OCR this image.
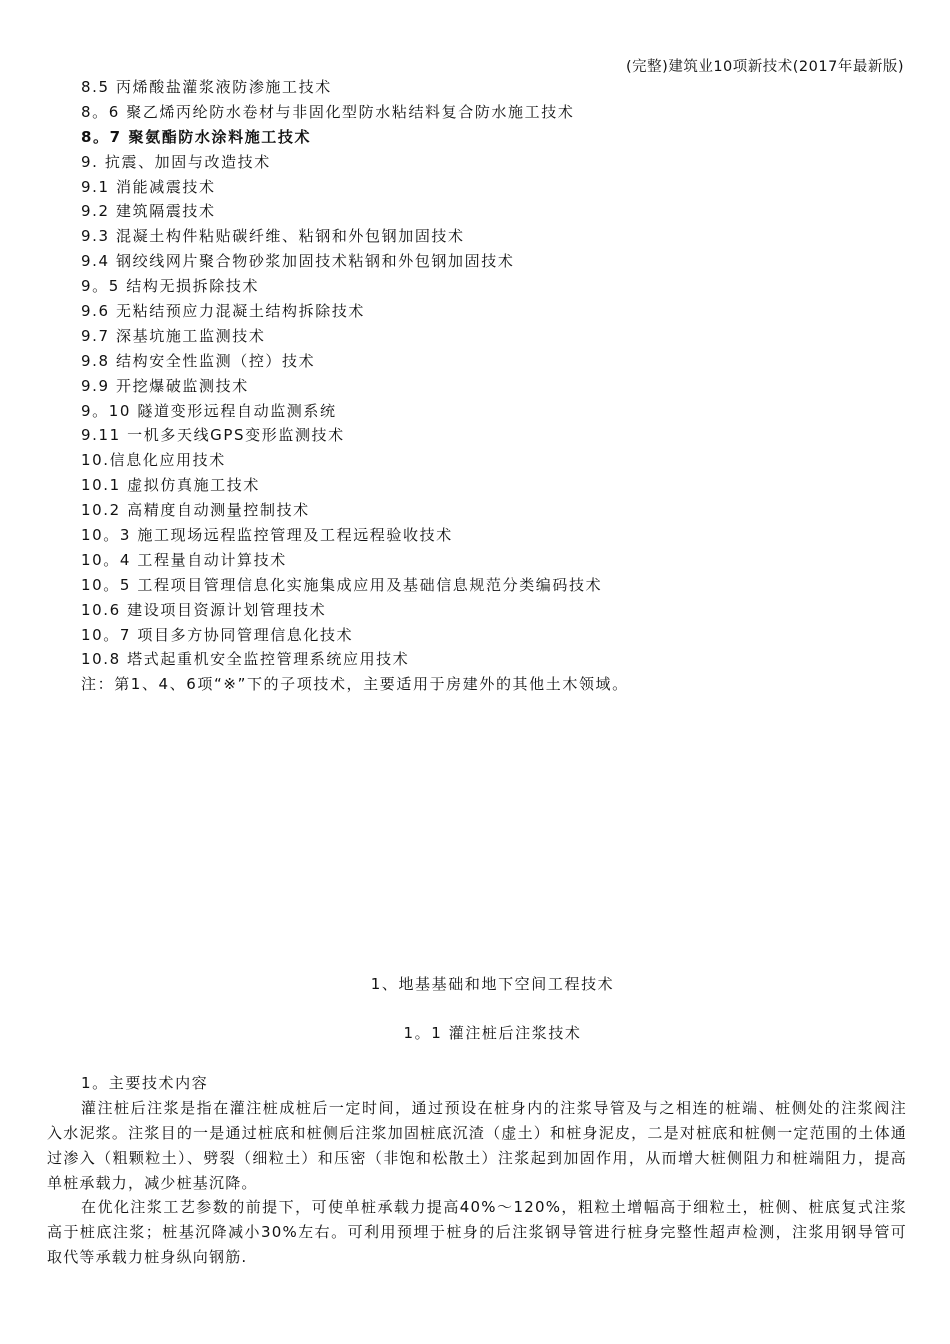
(完整)建筑业10项新技术(2017年最新版)
8.5 丙烯酸盐灌浆液防渗施工技术
8。6 聚乙烯丙纶防水卷材与非固化型防水粘结料复合防水施工技术
8。7 聚氨酯防水涂料施工技术
9. 抗震、加固与改造技术
9.1 消能减震技术
9.2 建筑隔震技术
9.3 混凝土构件粘贴碳纤维、粘钢和外包钢加固技术
9.4 钢绞线网片聚合物砂浆加固技术粘钢和外包钢加固技术
9。5 结构无损拆除技术
9.6 无粘结预应力混凝土结构拆除技术
9.7 深基坑施工监测技术
9.8 结构安全性监测（控）技术
9.9 开挖爆破监测技术
9。10 隧道变形远程自动监测系统
9.11 一机多天线GPS变形监测技术
10.信息化应用技术
10.1 虚拟仿真施工技术
10.2 高精度自动测量控制技术
10。3 施工现场远程监控管理及工程远程验收技术
10。4 工程量自动计算技术
10。5 工程项目管理信息化实施集成应用及基础信息规范分类编码技术
10.6 建设项目资源计划管理技术
10。7 项目多方协同管理信息化技术
10.8 塔式起重机安全监控管理系统应用技术
注：第1、4、6项“※”下的子项技术，主要适用于房建外的其他土木领域。
1、地基基础和地下空间工程技术
1。1 灌注桩后注浆技术
1。主要技术内容

灌注桩后注浆是指在灌注桩成桩后一定时间，通过预设在桩身内的注浆导管及与之相连的桩端、桩侧处的注浆阀注入水泥浆。注浆目的一是通过桩底和桩侧后注浆加固桩底沉渣（虚土）和桩身泥皮，二是对桩底和桩侧一定范围的土体通过渗入（粗颗粒土）、劈裂（细粒土）和压密（非饱和松散土）注浆起到加固作用，从而增大桩侧阻力和桩端阻力，提高单桩承载力，减少桩基沉降。

在优化注浆工艺参数的前提下，可使单桩承载力提高40%～120%，粗粒土增幅高于细粒土，桩侧、桩底复式注浆高于桩底注浆；桩基沉降减小30%左右。可利用预埋于桩身的后注浆钢导管进行桩身完整性超声检测，注浆用钢导管可取代等承载力桩身纵向钢筋.
